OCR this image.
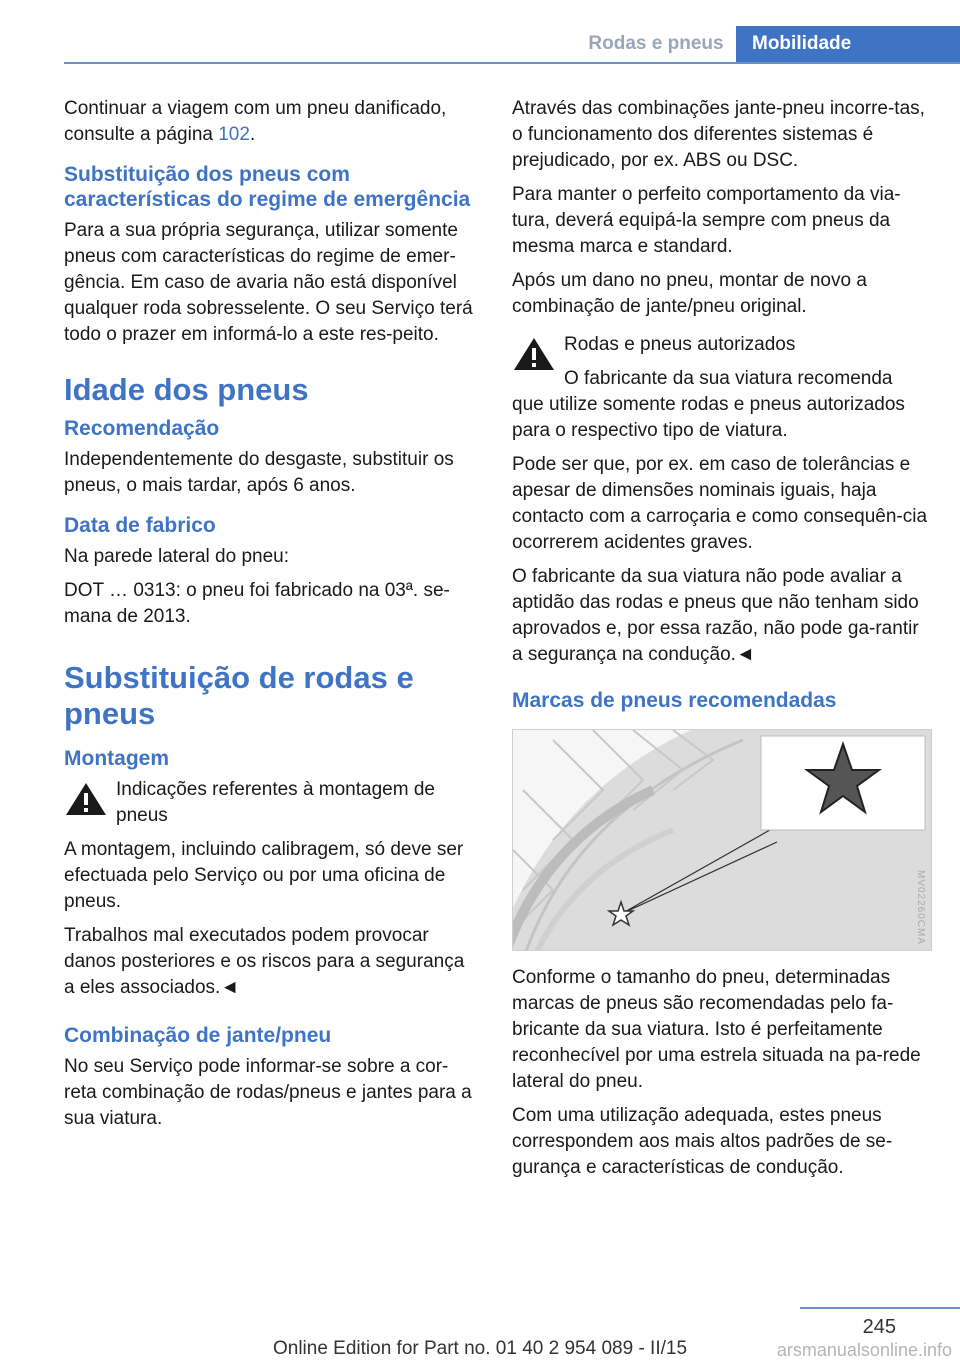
Rodas e pneus	Mobilidade

Continuar a viagem com um pneu danificado, consulte a página 102.

Substituição dos pneus com características do regime de emergência

Para a sua própria segurança, utilizar somente pneus com características do regime de emer-gência. Em caso de avaria não está disponível qualquer roda sobresselente. O seu Serviço terá todo o prazer em informá-lo a este res-peito.

Idade dos pneus
Recomendação

Independentemente do desgaste, substituir os pneus, o mais tardar, após 6 anos.

Data de fabrico

Na parede lateral do pneu:

DOT … 0313: o pneu foi fabricado na 03ª. se-mana de 2013.

Substituição de rodas e pneus
Montagem

Indicações referentes à montagem de pneus

A montagem, incluindo calibragem, só deve ser efectuada pelo Serviço ou por uma oficina de pneus.

Trabalhos mal executados podem provocar danos posteriores e os riscos para a segurança a eles associados.◄

Combinação de jante/pneu

No seu Serviço pode informar-se sobre a cor-reta combinação de rodas/pneus e jantes para a sua viatura.

Através das combinações jante-pneu incorre-tas, o funcionamento dos diferentes sistemas é prejudicado, por ex. ABS ou DSC.

Para manter o perfeito comportamento da via-tura, deverá equipá-la sempre com pneus da mesma marca e standard.

Após um dano no pneu, montar de novo a combinação de jante/pneu original.

Rodas e pneus autorizados

O fabricante da sua viatura recomenda que utilize somente rodas e pneus autorizados para o respectivo tipo de viatura.

Pode ser que, por ex. em caso de tolerâncias e apesar de dimensões nominais iguais, haja contacto com a carroçaria e como consequên-cia ocorrerem acidentes graves.

O fabricante da sua viatura não pode avaliar a aptidão das rodas e pneus que não tenham sido aprovados e, por essa razão, não pode ga-rantir a segurança na condução.◄

Marcas de pneus recomendadas

Conforme o tamanho do pneu, determinadas marcas de pneus são recomendadas pelo fa-bricante da sua viatura. Isto é perfeitamente reconhecível por uma estrela situada na pa-rede lateral do pneu.

Com uma utilização adequada, estes pneus correspondem aos mais altos padrões de se-gurança e características de condução.

MV02260CMA
245
Online Edition for Part no. 01 40 2 954 089 - II/15	arsmanualsonline.info
